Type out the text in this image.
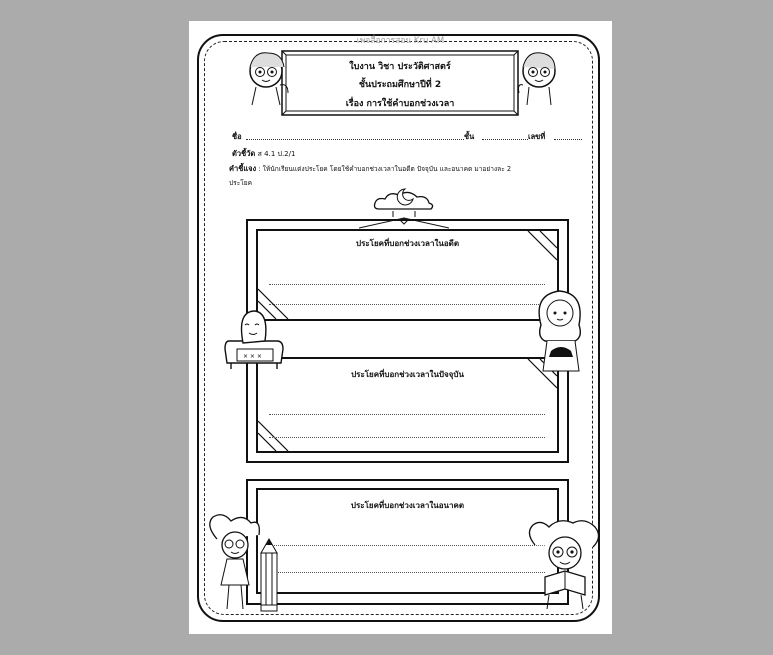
เพจสื่อการสอน Kru AM
ใบงาน วิชา ประวัติศาสตร์
ชั้นประถมศึกษาปีที่ 2
เรื่อง การใช้คำบอกช่วงเวลา
ชื่อ	ชั้น	เลขที่
ตัวชี้วัด ส 4.1 ป.2/1
คำชี้แจง : ให้นักเรียนแต่งประโยค โดยใช้คำบอกช่วงเวลาในอดีต ปัจจุบัน และอนาคต มาอย่างละ 2
ประโยค
ประโยคที่บอกช่วงเวลาในอดีต
ประโยคที่บอกช่วงเวลาในปัจจุบัน
ประโยคที่บอกช่วงเวลาในอนาคต
× × ×
